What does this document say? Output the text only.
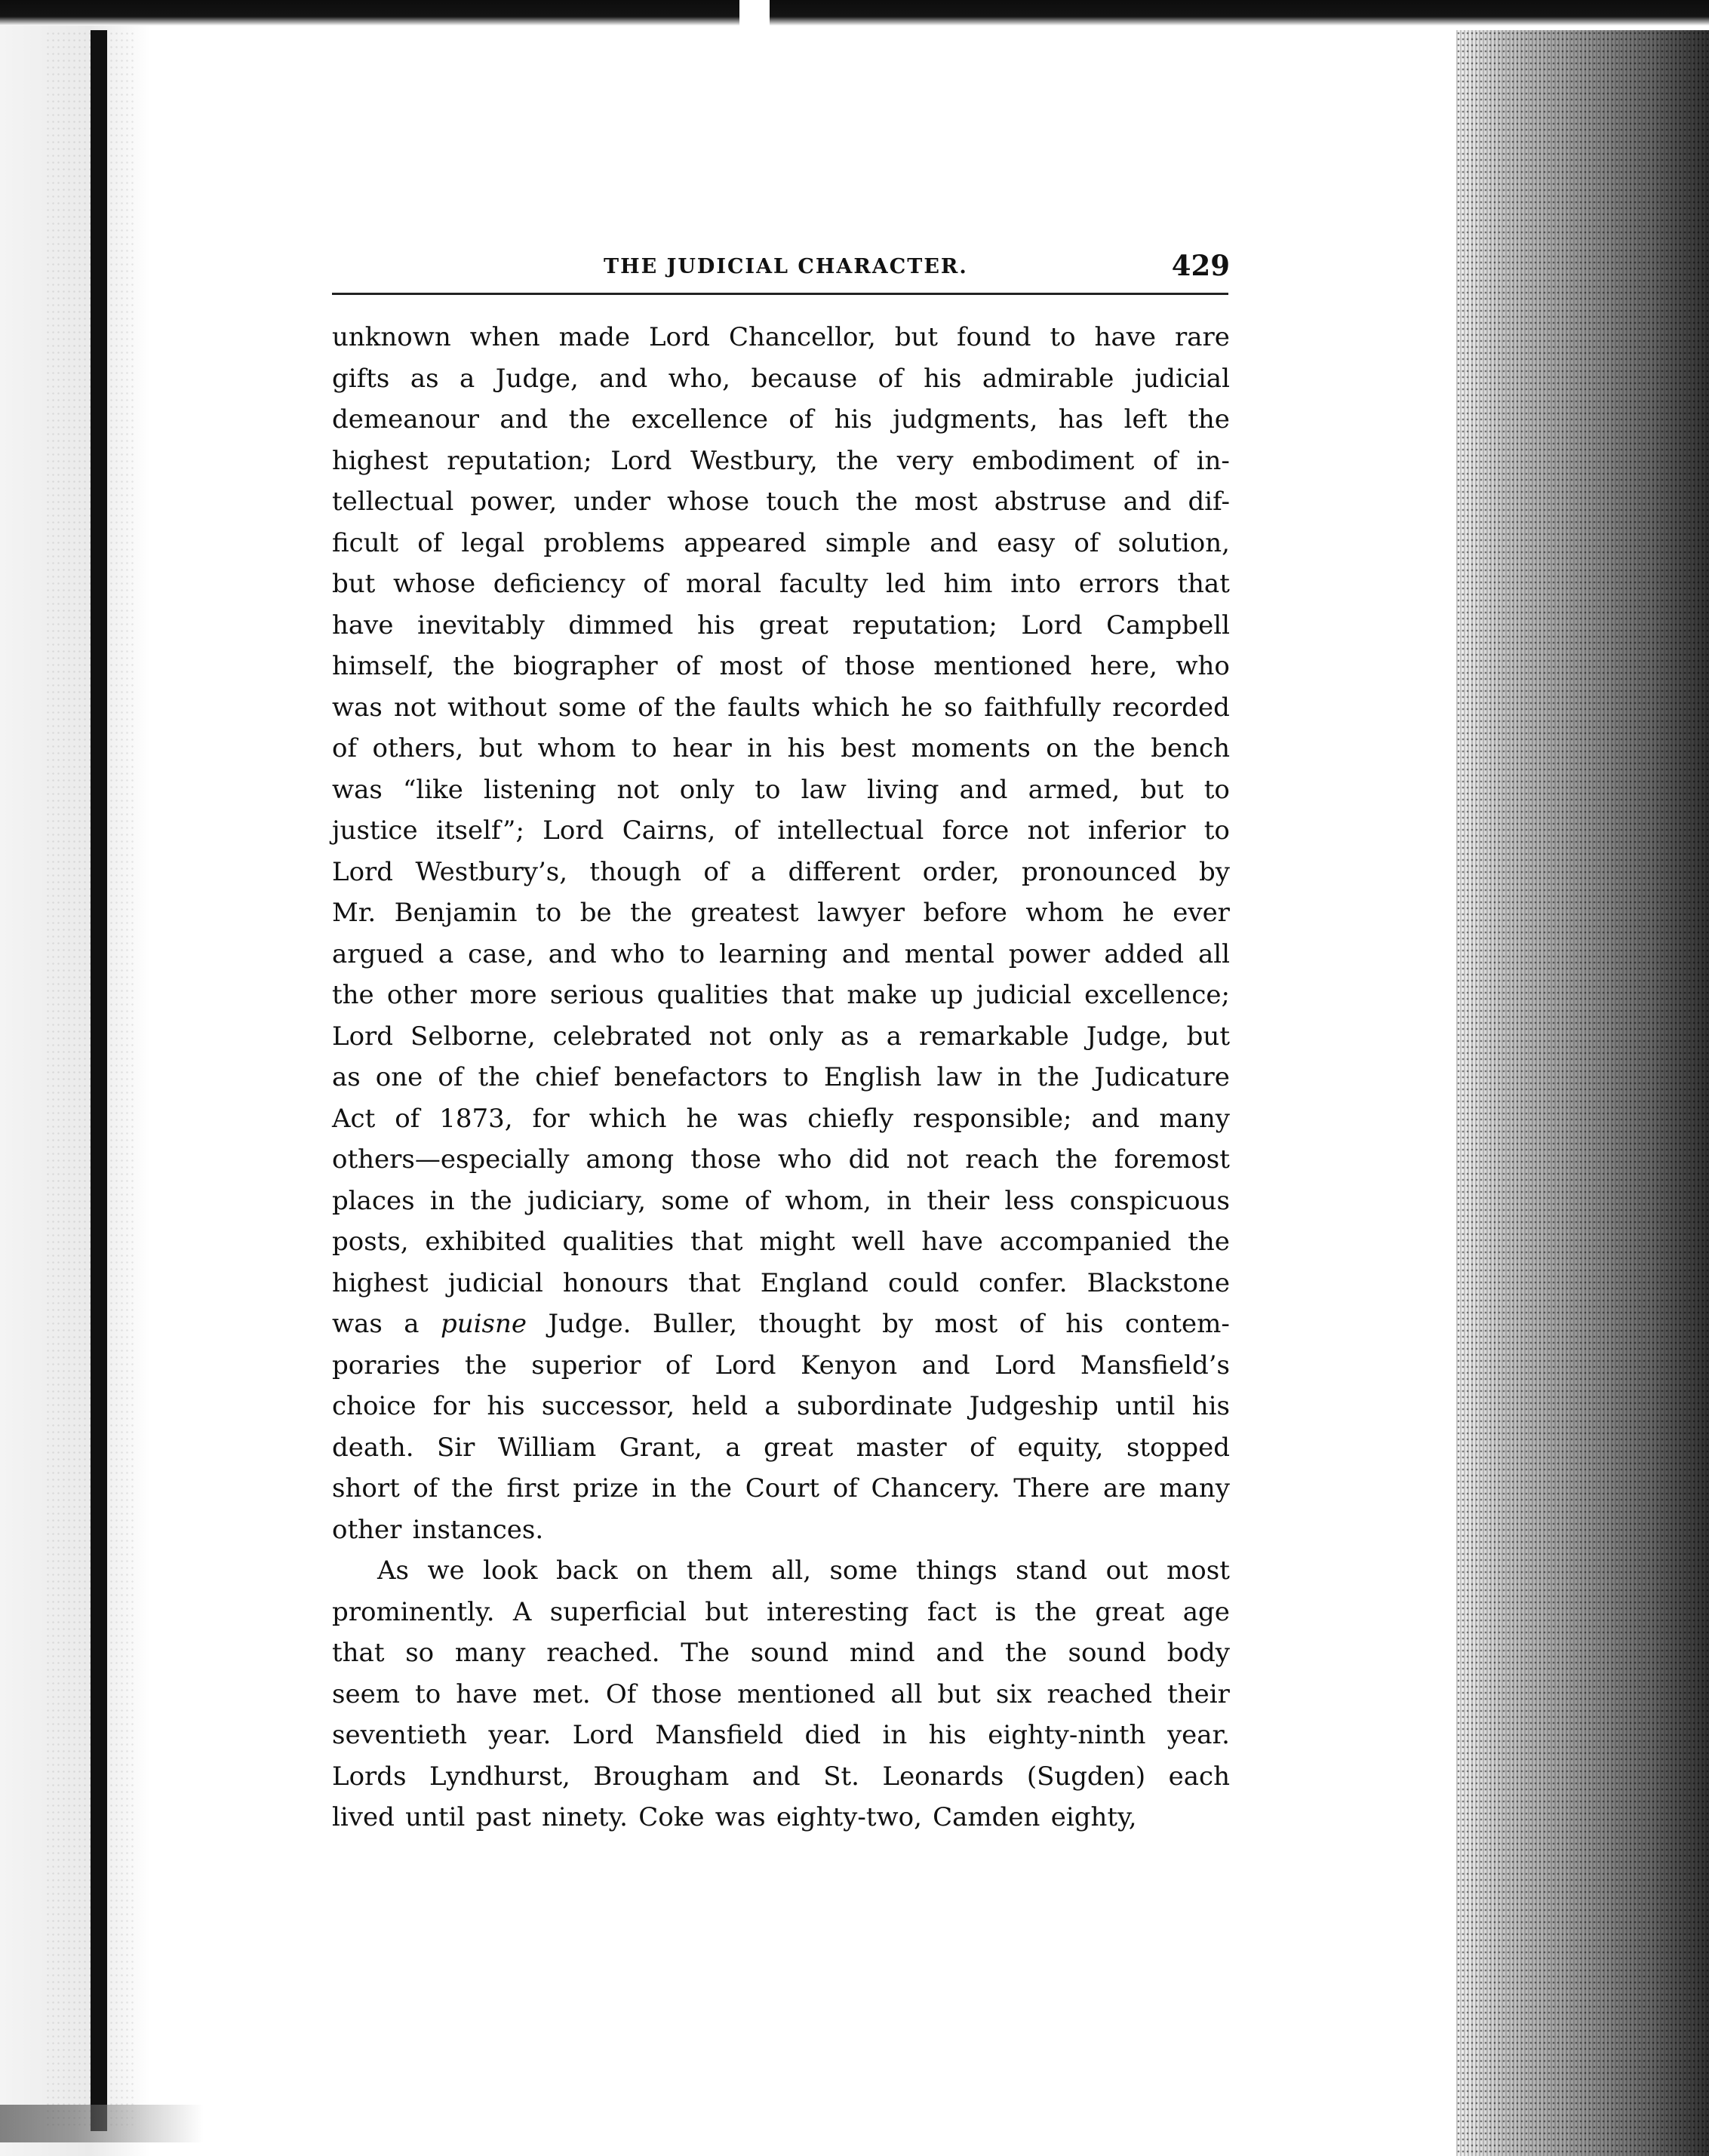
THE JUDICIAL CHARACTER.	429
unknown when made Lord Chancellor, but found to have rare
gifts as a Judge, and who, because of his admirable judicial
demeanour and the excellence of his judgments, has left the
highest reputation; Lord Westbury, the very embodiment of in-
tellectual power, under whose touch the most abstruse and dif-
ficult of legal problems appeared simple and easy of solution,
but whose deficiency of moral faculty led him into errors that
have inevitably dimmed his great reputation; Lord Campbell
himself, the biographer of most of those mentioned here, who
was not without some of the faults which he so faithfully recorded
of others, but whom to hear in his best moments on the bench
was “like listening not only to law living and armed, but to
justice itself”; Lord Cairns, of intellectual force not inferior to
Lord Westbury’s, though of a different order, pronounced by
Mr. Benjamin to be the greatest lawyer before whom he ever
argued a case, and who to learning and mental power added all
the other more serious qualities that make up judicial excellence;
Lord Selborne, celebrated not only as a remarkable Judge, but
as one of the chief benefactors to English law in the Judicature
Act of 1873, for which he was chiefly responsible; and many
others—especially among those who did not reach the foremost
places in the judiciary, some of whom, in their less conspicuous
posts, exhibited qualities that might well have accompanied the
highest judicial honours that England could confer. Blackstone
was a puisne Judge. Buller, thought by most of his contem-
poraries the superior of Lord Kenyon and Lord Mansfield’s
choice for his successor, held a subordinate Judgeship until his
death. Sir William Grant, a great master of equity, stopped
short of the first prize in the Court of Chancery. There are many
other instances.
As we look back on them all, some things stand out most
prominently. A superficial but interesting fact is the great age
that so many reached. The sound mind and the sound body
seem to have met. Of those mentioned all but six reached their
seventieth year. Lord Mansfield died in his eighty-ninth year.
Lords Lyndhurst, Brougham and St. Leonards (Sugden) each
lived until past ninety. Coke was eighty-two, Camden eighty,
